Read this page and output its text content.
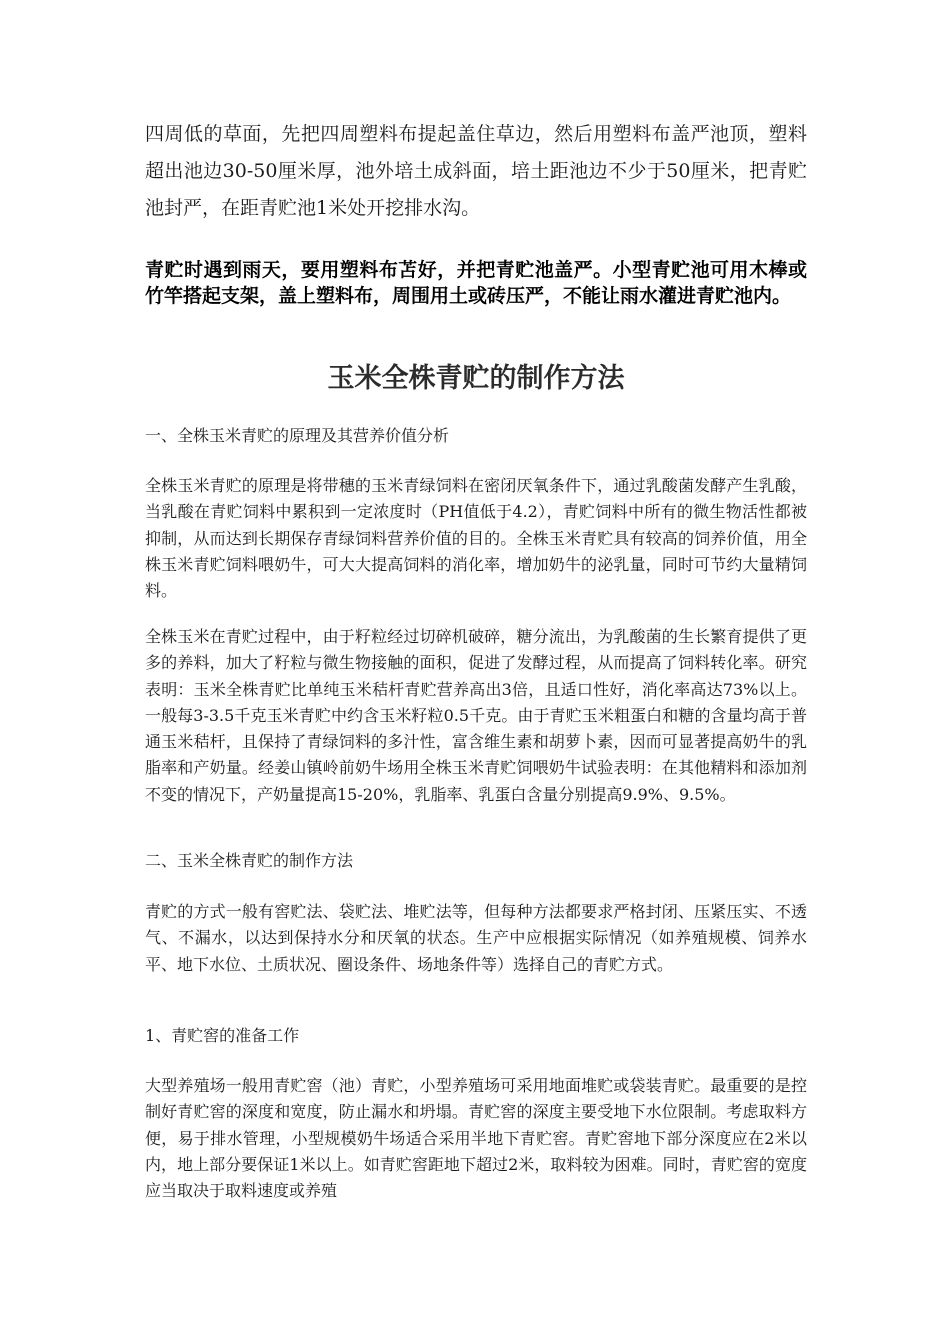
四周低的草面，先把四周塑料布提起盖住草边，然后用塑料布盖严池顶，塑料超出池边30-50厘米厚，池外培土成斜面，培土距池边不少于50厘米，把青贮池封严，在距青贮池1米处开挖排水沟。

青贮时遇到雨天，要用塑料布苫好，并把青贮池盖严。小型青贮池可用木棒或竹竿搭起支架，盖上塑料布，周围用土或砖压严，不能让雨水灌进青贮池内。

玉米全株青贮的制作方法
一、全株玉米青贮的原理及其营养价值分析

全株玉米青贮的原理是将带穗的玉米青绿饲料在密闭厌氧条件下，通过乳酸菌发酵产生乳酸，当乳酸在青贮饲料中累积到一定浓度时（PH值低于4.2），青贮饲料中所有的微生物活性都被抑制，从而达到长期保存青绿饲料营养价值的目的。全株玉米青贮具有较高的饲养价值，用全株玉米青贮饲料喂奶牛，可大大提高饲料的消化率，增加奶牛的泌乳量，同时可节约大量精饲料。

全株玉米在青贮过程中，由于籽粒经过切碎机破碎，糖分流出，为乳酸菌的生长繁育提供了更多的养料，加大了籽粒与微生物接触的面积，促进了发酵过程，从而提高了饲料转化率。研究表明：玉米全株青贮比单纯玉米秸杆青贮营养高出3倍，且适口性好，消化率高达73%以上。一般每3-3.5千克玉米青贮中约含玉米籽粒0.5千克。由于青贮玉米粗蛋白和糖的含量均高于普通玉米秸杆，且保持了青绿饲料的多汁性，富含维生素和胡萝卜素，因而可显著提高奶牛的乳脂率和产奶量。经姜山镇岭前奶牛场用全株玉米青贮饲喂奶牛试验表明：在其他精料和添加剂不变的情况下，产奶量提高15-20%，乳脂率、乳蛋白含量分别提高9.9%、9.5%。

二、玉米全株青贮的制作方法

青贮的方式一般有窖贮法、袋贮法、堆贮法等，但每种方法都要求严格封闭、压紧压实、不透气、不漏水，以达到保持水分和厌氧的状态。生产中应根据实际情况（如养殖规模、饲养水平、地下水位、土质状况、圈设条件、场地条件等）选择自己的青贮方式。

1、青贮窖的准备工作

大型养殖场一般用青贮窖（池）青贮，小型养殖场可采用地面堆贮或袋装青贮。最重要的是控制好青贮窖的深度和宽度，防止漏水和坍塌。青贮窖的深度主要受地下水位限制。考虑取料方便，易于排水管理，小型规模奶牛场适合采用半地下青贮窖。青贮窖地下部分深度应在2米以内，地上部分要保证1米以上。如青贮窖距地下超过2米，取料较为困难。同时，青贮窖的宽度应当取决于取料速度或养殖
